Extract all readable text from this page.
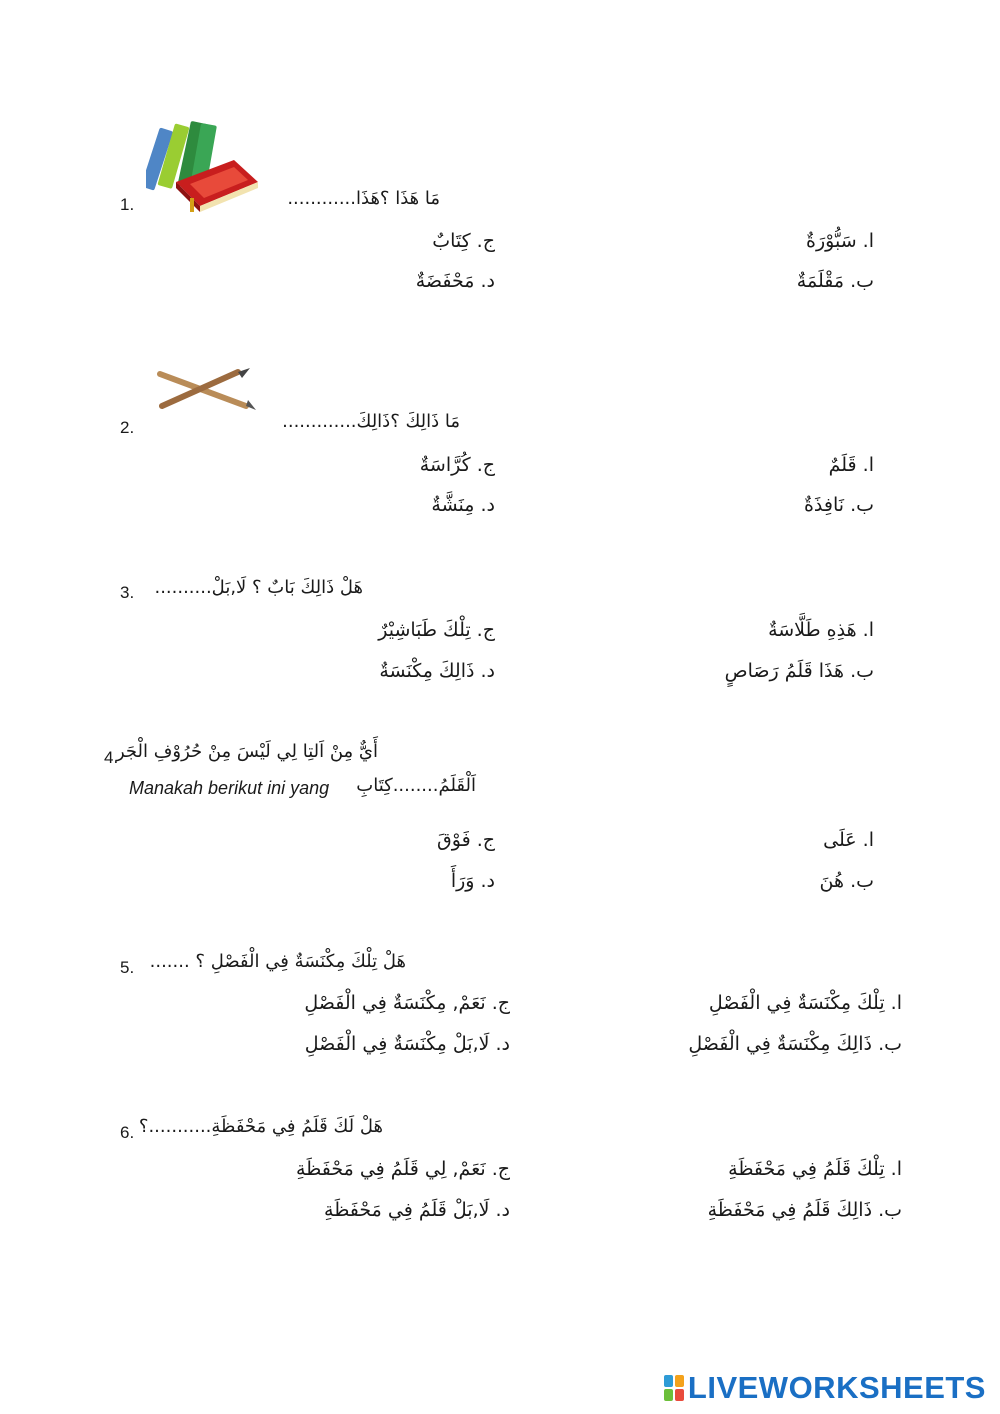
1.	مَا هَذَا ؟هَذَا............
ا. سَبُّوْرَةٌ
ب. مَقْلَمَةٌ
ج. كِتَابٌ
د. مَحْفَضَةٌ
2.	مَا ذَالِكَ ؟ذَالِكَ.............
ا. قَلَمٌ
ب. نَافِذَةٌ
ج. كُرَّاسَةٌ
د. مِنَشَّةٌ
3. هَلْ ذَالِكَ بَابٌ ؟ لَا,بَلْ..........
ا. هَذِهِ طَلَّاسَةٌ
ب. هَذَا قَلَمُ رَصَاصٍ
ج. تِلْكَ طَبَاشِيْرٌ
د. ذَالِكَ مِكْنَسَةٌ
4.
أَيٌّ مِنْ اَلتِا لِي لَيْسَ مِنْ حُرُوْفِ الْجَر
Manakah berikut ini yang اَلْقَلَمُ........كِتَابِ
ا. عَلَى
ب. هُنَ
ج. فَوْقَ
د. وَرَأَ
5. هَلْ تِلْكَ مِكْنَسَةٌ فِي الْفَصْلِ ؟ .......
ا. تِلْكَ مِكْنَسَةٌ فِي الْفَصْلِ
ب. ذَالِكَ مِكْنَسَةٌ فِي الْفَصْلِ
ج. نَعَمْ, مِكْنَسَةٌ فِي الْفَصْلِ
د. لَا,بَلْ مِكْنَسَةٌ فِي الْفَصْلِ
6. هَلْ لَكَ قَلَمُ فِي مَحْفَظَةِ...........؟
ا. تِلْكَ قَلَمُ فِي مَحْفَظَةِ
ب. ذَالِكَ قَلَمُ فِي مَحْفَظَةِ
ج. نَعَمْ, لِي قَلَمُ فِي مَحْفَظَةِ
د. لَا,بَلْ قَلَمُ فِي مَحْفَظَةِ
LIVEWORKSHEETS
